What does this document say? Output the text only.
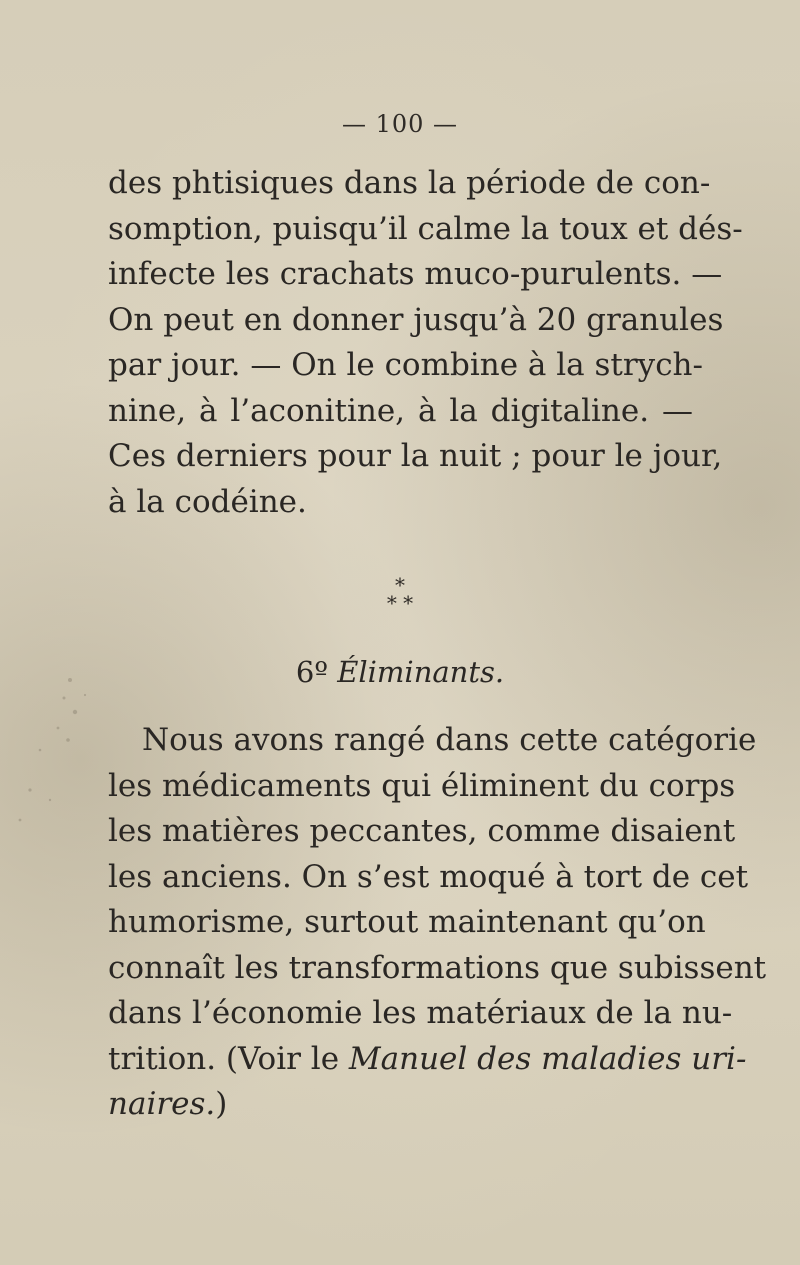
— 100 —
des phtisiques dans la période de con-
somption, puisqu’il calme la toux et dés-
infecte les crachats muco-purulents. —
On peut en donner jusqu’à 20 granules
par jour. — On le combine à la strych-
nine, à l’aconitine, à la digitaline. —
Ces derniers pour la nuit ; pour le jour,
à la codéine.
*
* *
6º Éliminants.
Nous avons rangé dans cette catégorie
les médicaments qui éliminent du corps
les matières peccantes, comme disaient
les anciens. On s’est moqué à tort de cet
humorisme, surtout maintenant qu’on
connaît les transformations que subissent
dans l’économie les matériaux de la nu-
trition. (Voir le Manuel des maladies uri-
naires.)
